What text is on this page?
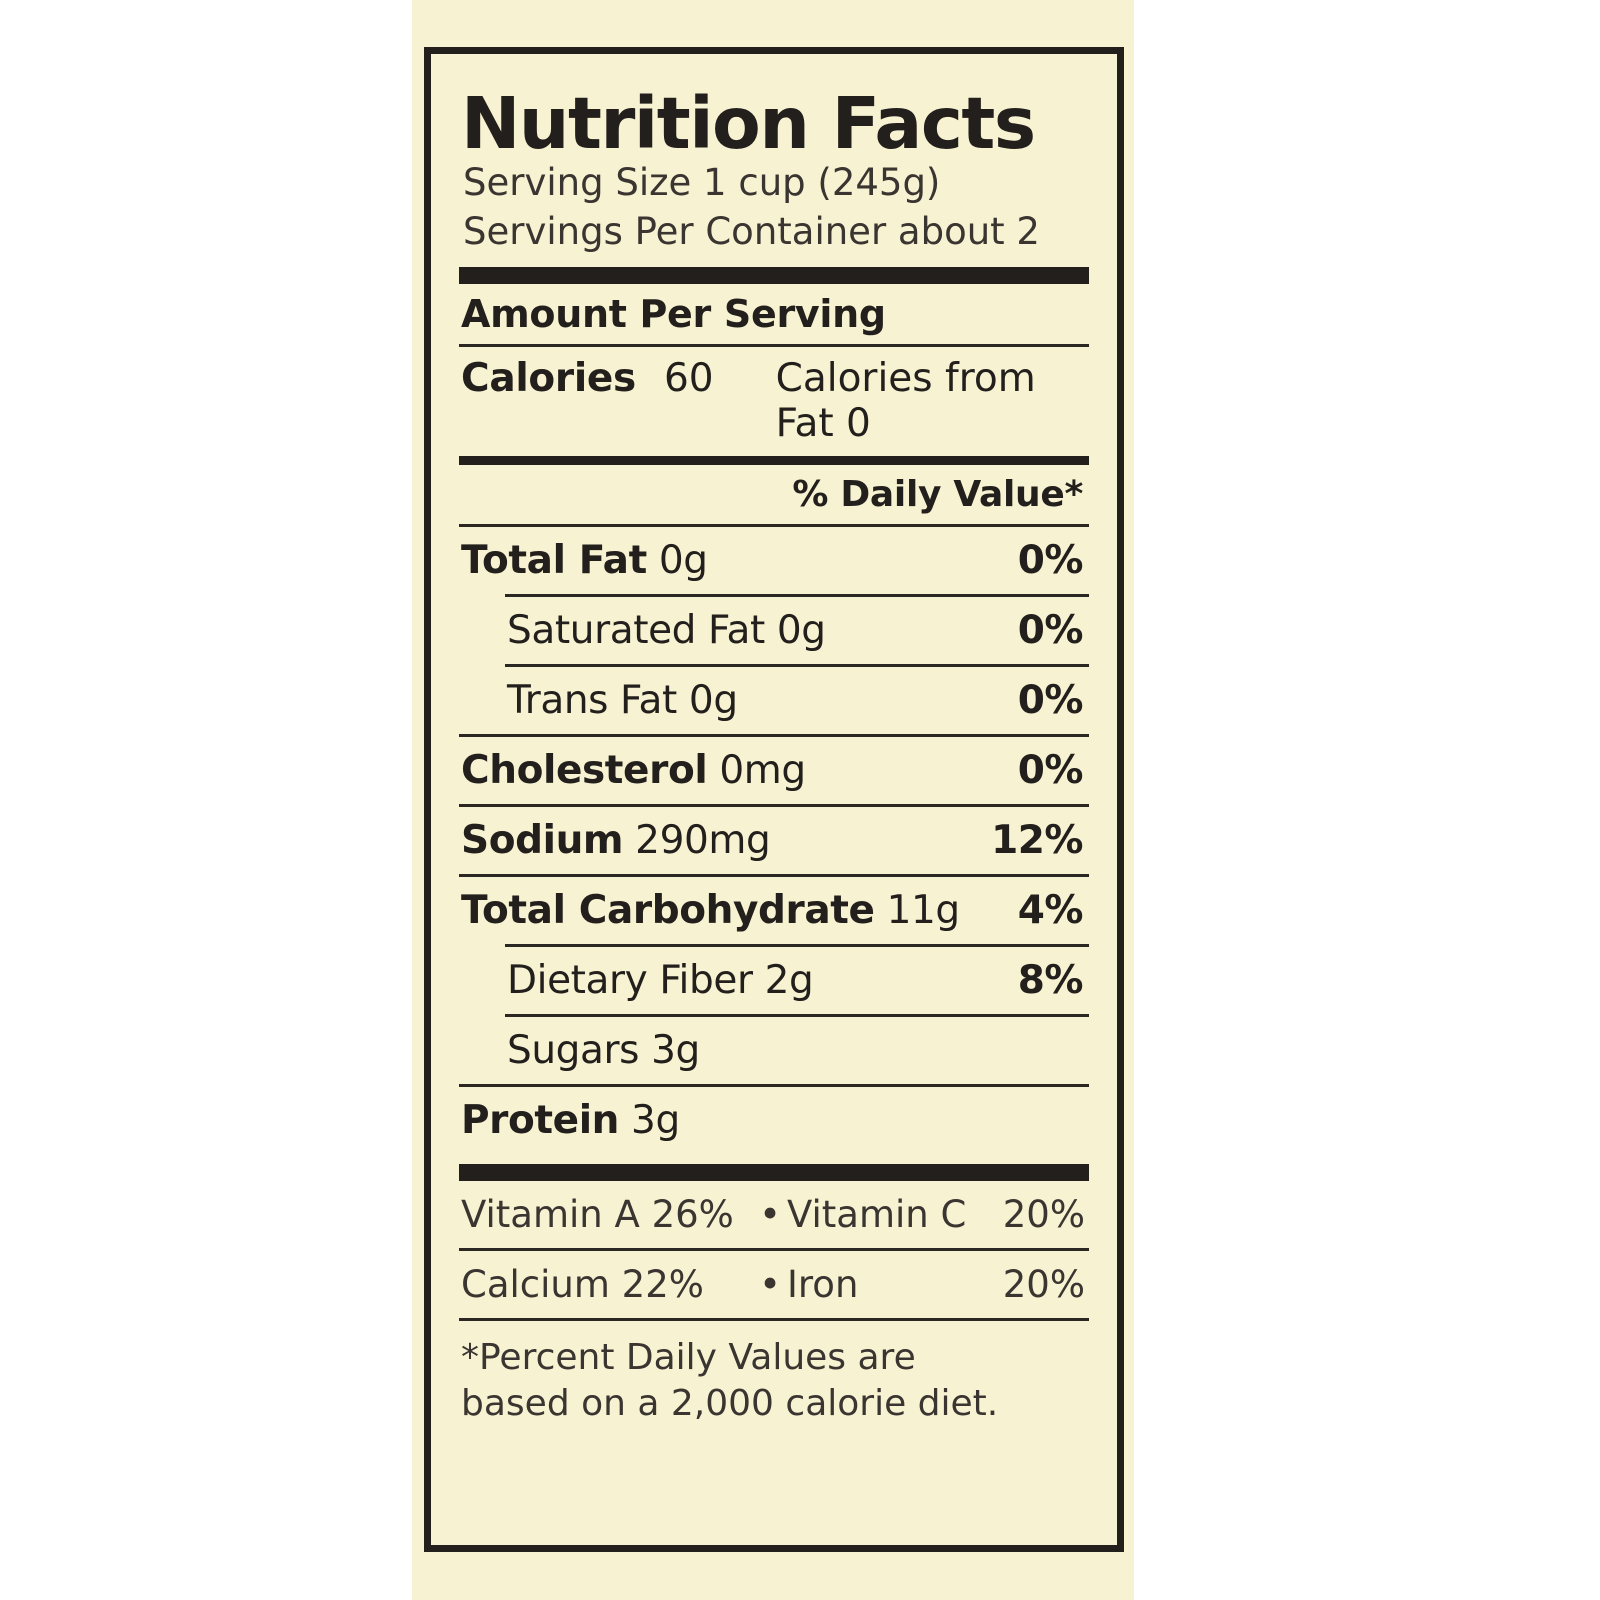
Nutrition Facts
Serving Size 1 cup (245g)
Servings Per Container about 2
Amount Per Serving
Calories 60 Calories from Fat 0
% Daily Value*
Total Fat 0g	0%
Saturated Fat 0g	0%
Trans Fat 0g	0%
Cholesterol 0mg	0%
Sodium 290mg	12%
Total Carbohydrate 11g 4%
Dietary Fiber 2g	8%
Sugars 3g
Protein 3g
Vitamin A 26% • Vitamin C 20%
Calcium 22%	• Iron	20%
*Percent Daily Values are
based on a 2,000 calorie diet.
